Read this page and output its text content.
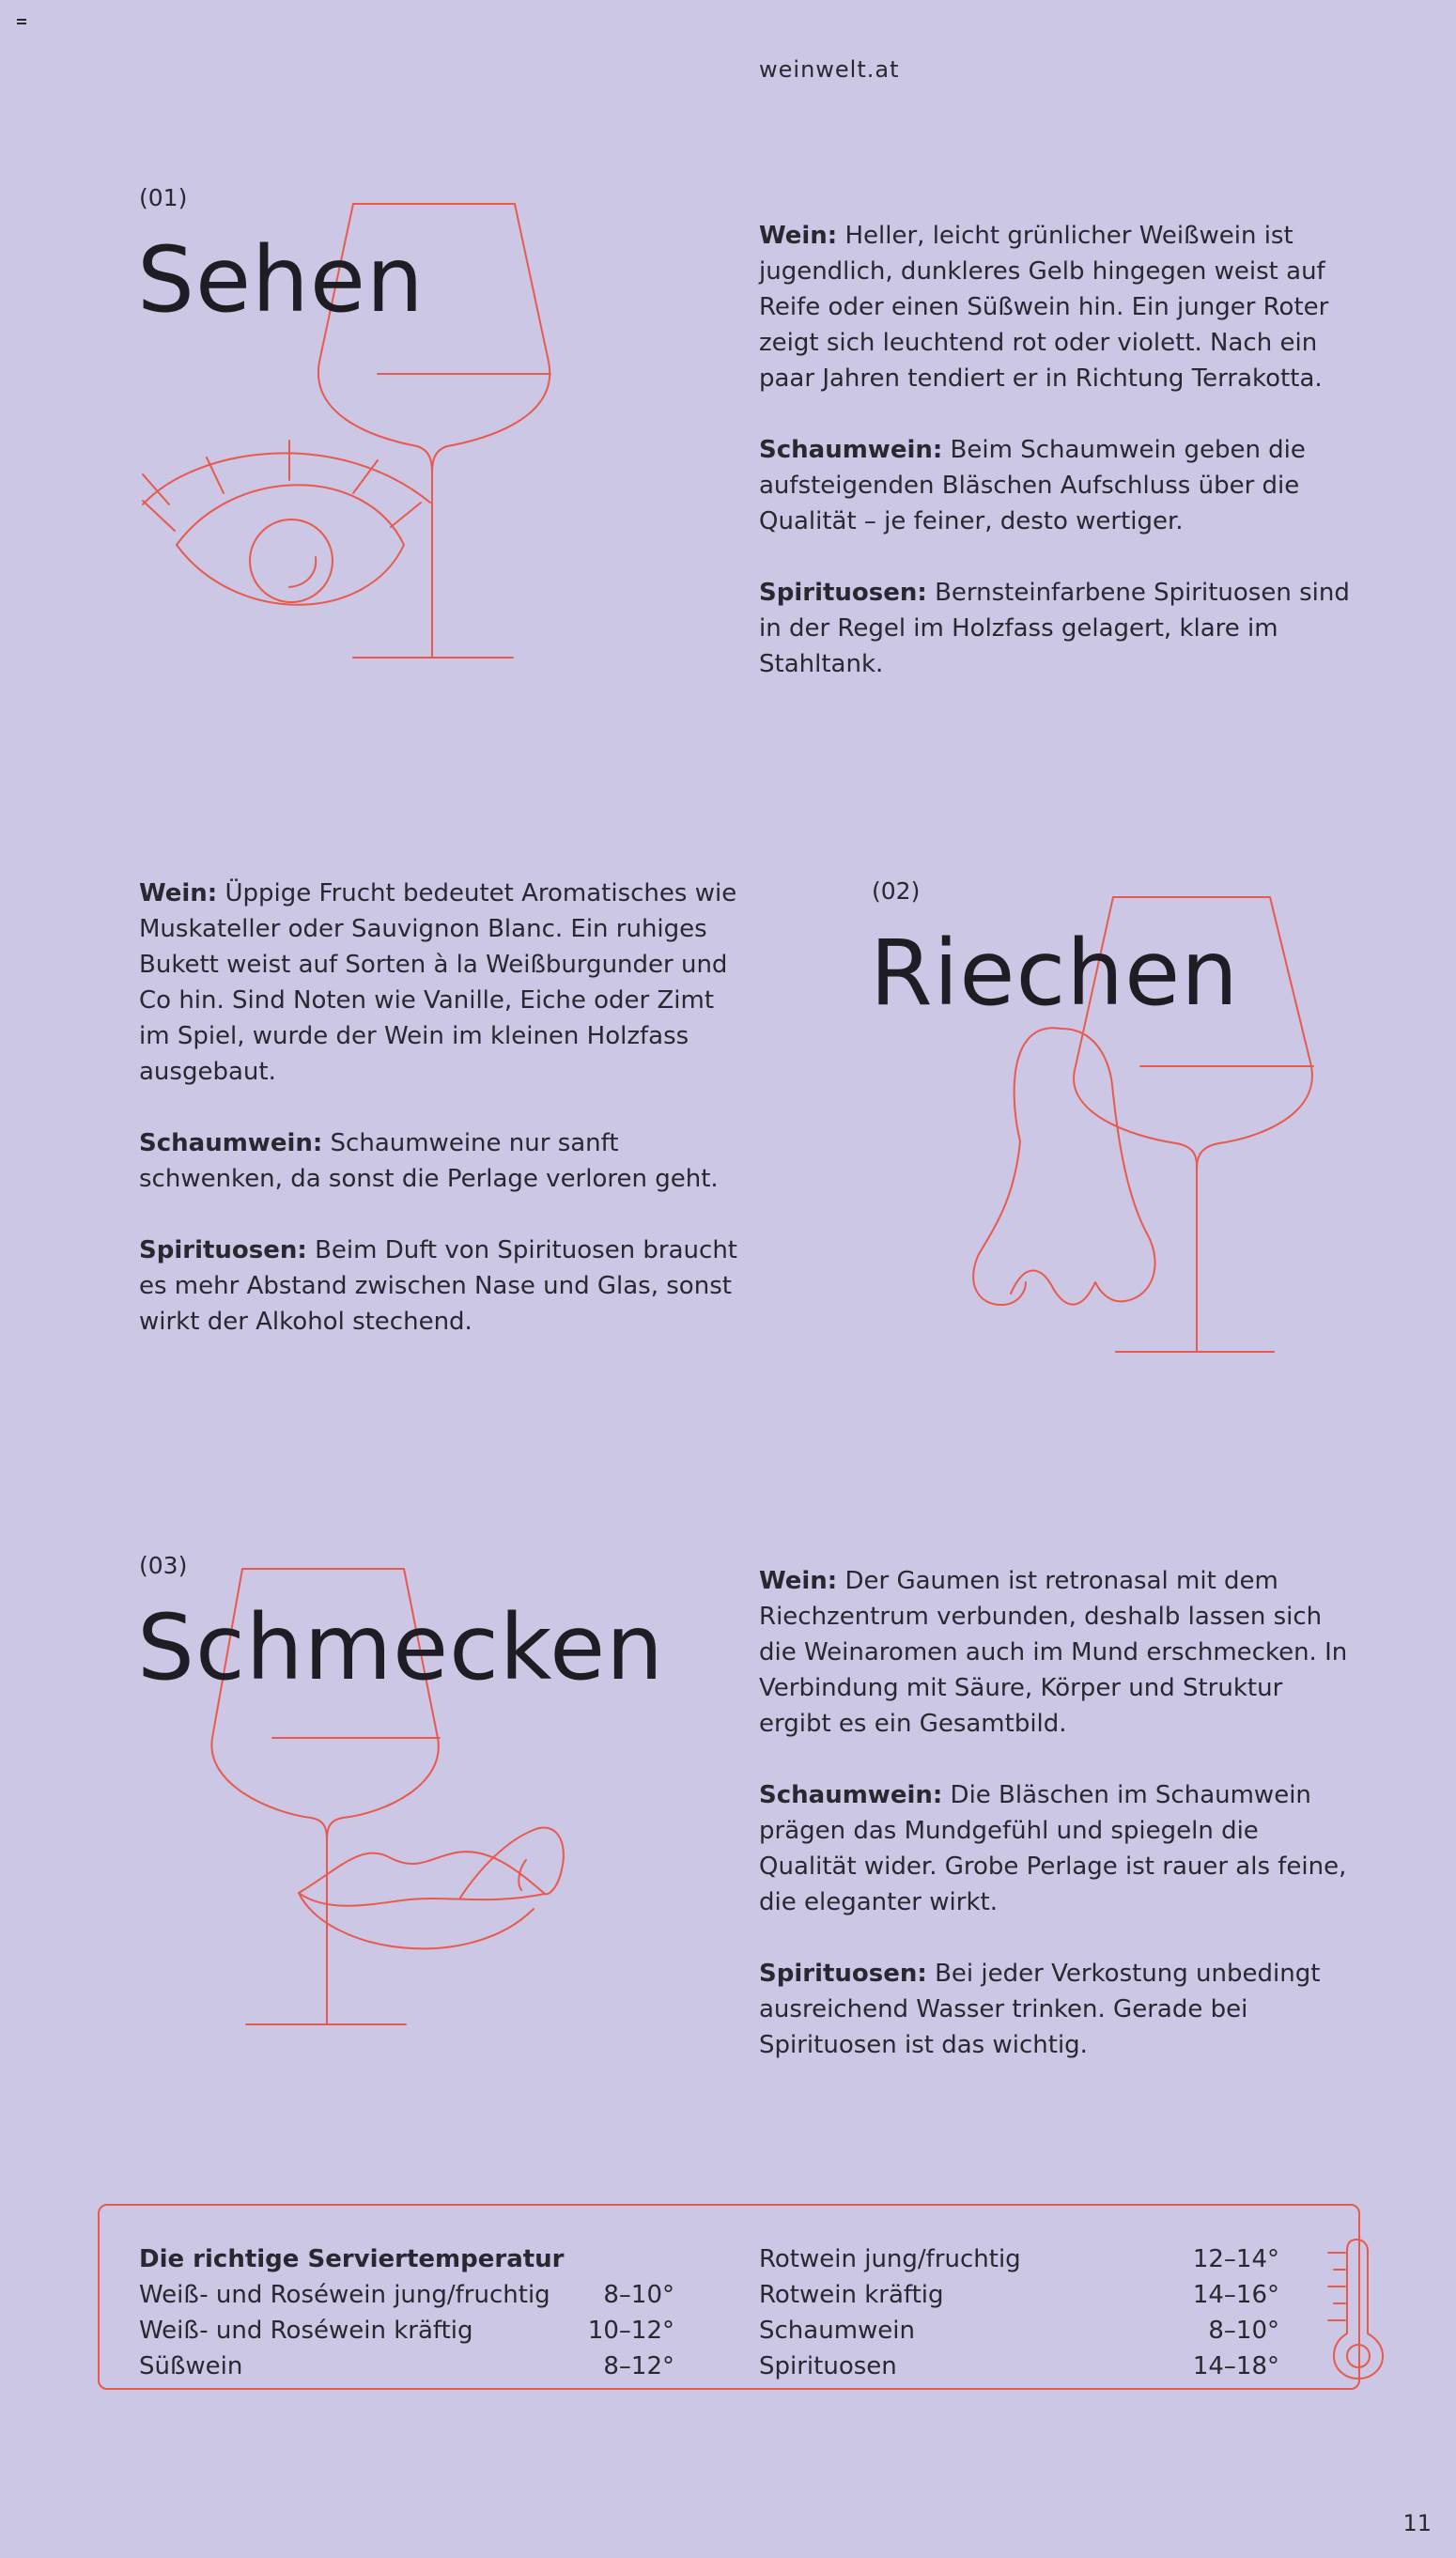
weinwelt.at
(01)
Sehen	Wein: Heller, leicht grünlicher Weißwein ist jugendlich, dunkleres Gelb hingegen weist auf Reife oder einen Süßwein hin. Ein junger Roter zeigt sich leuchtend rot oder violett. Nach ein paar Jahren tendiert er in Richtung Terrakotta.

Schaumwein: Beim Schaumwein geben die aufsteigenden Bläschen Aufschluss über die Qualität – je feiner, desto wertiger.

Spirituosen: Bernsteinfarbene Spirituosen sind in der Regel im Holzfass gelagert, klare im Stahltank.

Wein: Üppige Frucht bedeutet Aromatisches wie Muskateller oder Sauvignon Blanc. Ein ruhiges Bukett weist auf Sorten à la Weißburgunder und Co hin. Sind Noten wie Vanille, Eiche oder Zimt im Spiel, wurde der Wein im kleinen Holzfass ausgebaut.

Schaumwein: Schaumweine nur sanft schwenken, da sonst die Perlage verloren geht.

Spirituosen: Beim Duft von Spirituosen braucht es mehr Abstand zwischen Nase und Glas, sonst wirkt der Alkohol stechend.

(02)
Riechen
(03)
Schmecken

Wein: Der Gaumen ist retronasal mit dem Riechzentrum verbunden, deshalb lassen sich die Weinaromen auch im Mund erschmecken. In Verbindung mit Säure, Körper und Struktur ergibt es ein Gesamtbild.

Schaumwein: Die Bläschen im Schaumwein prägen das Mundgefühl und spiegeln die Qualität wider. Grobe Perlage ist rauer als feine, die eleganter wirkt.

Spirituosen: Bei jeder Verkostung unbedingt ausreichend Wasser trinken. Gerade bei Spirituosen ist das wichtig.

Die richtige Serviertemperatur
Weiß- und Roséwein jung/fruchtig	8–10°
Weiß- und Roséwein kräftig	10–12°
Süßwein	8–12°
Rotwein jung/fruchtig	12–14°
Rotwein kräftig	14–16°
Schaumwein	8–10°
Spirituosen	14–18°
11
